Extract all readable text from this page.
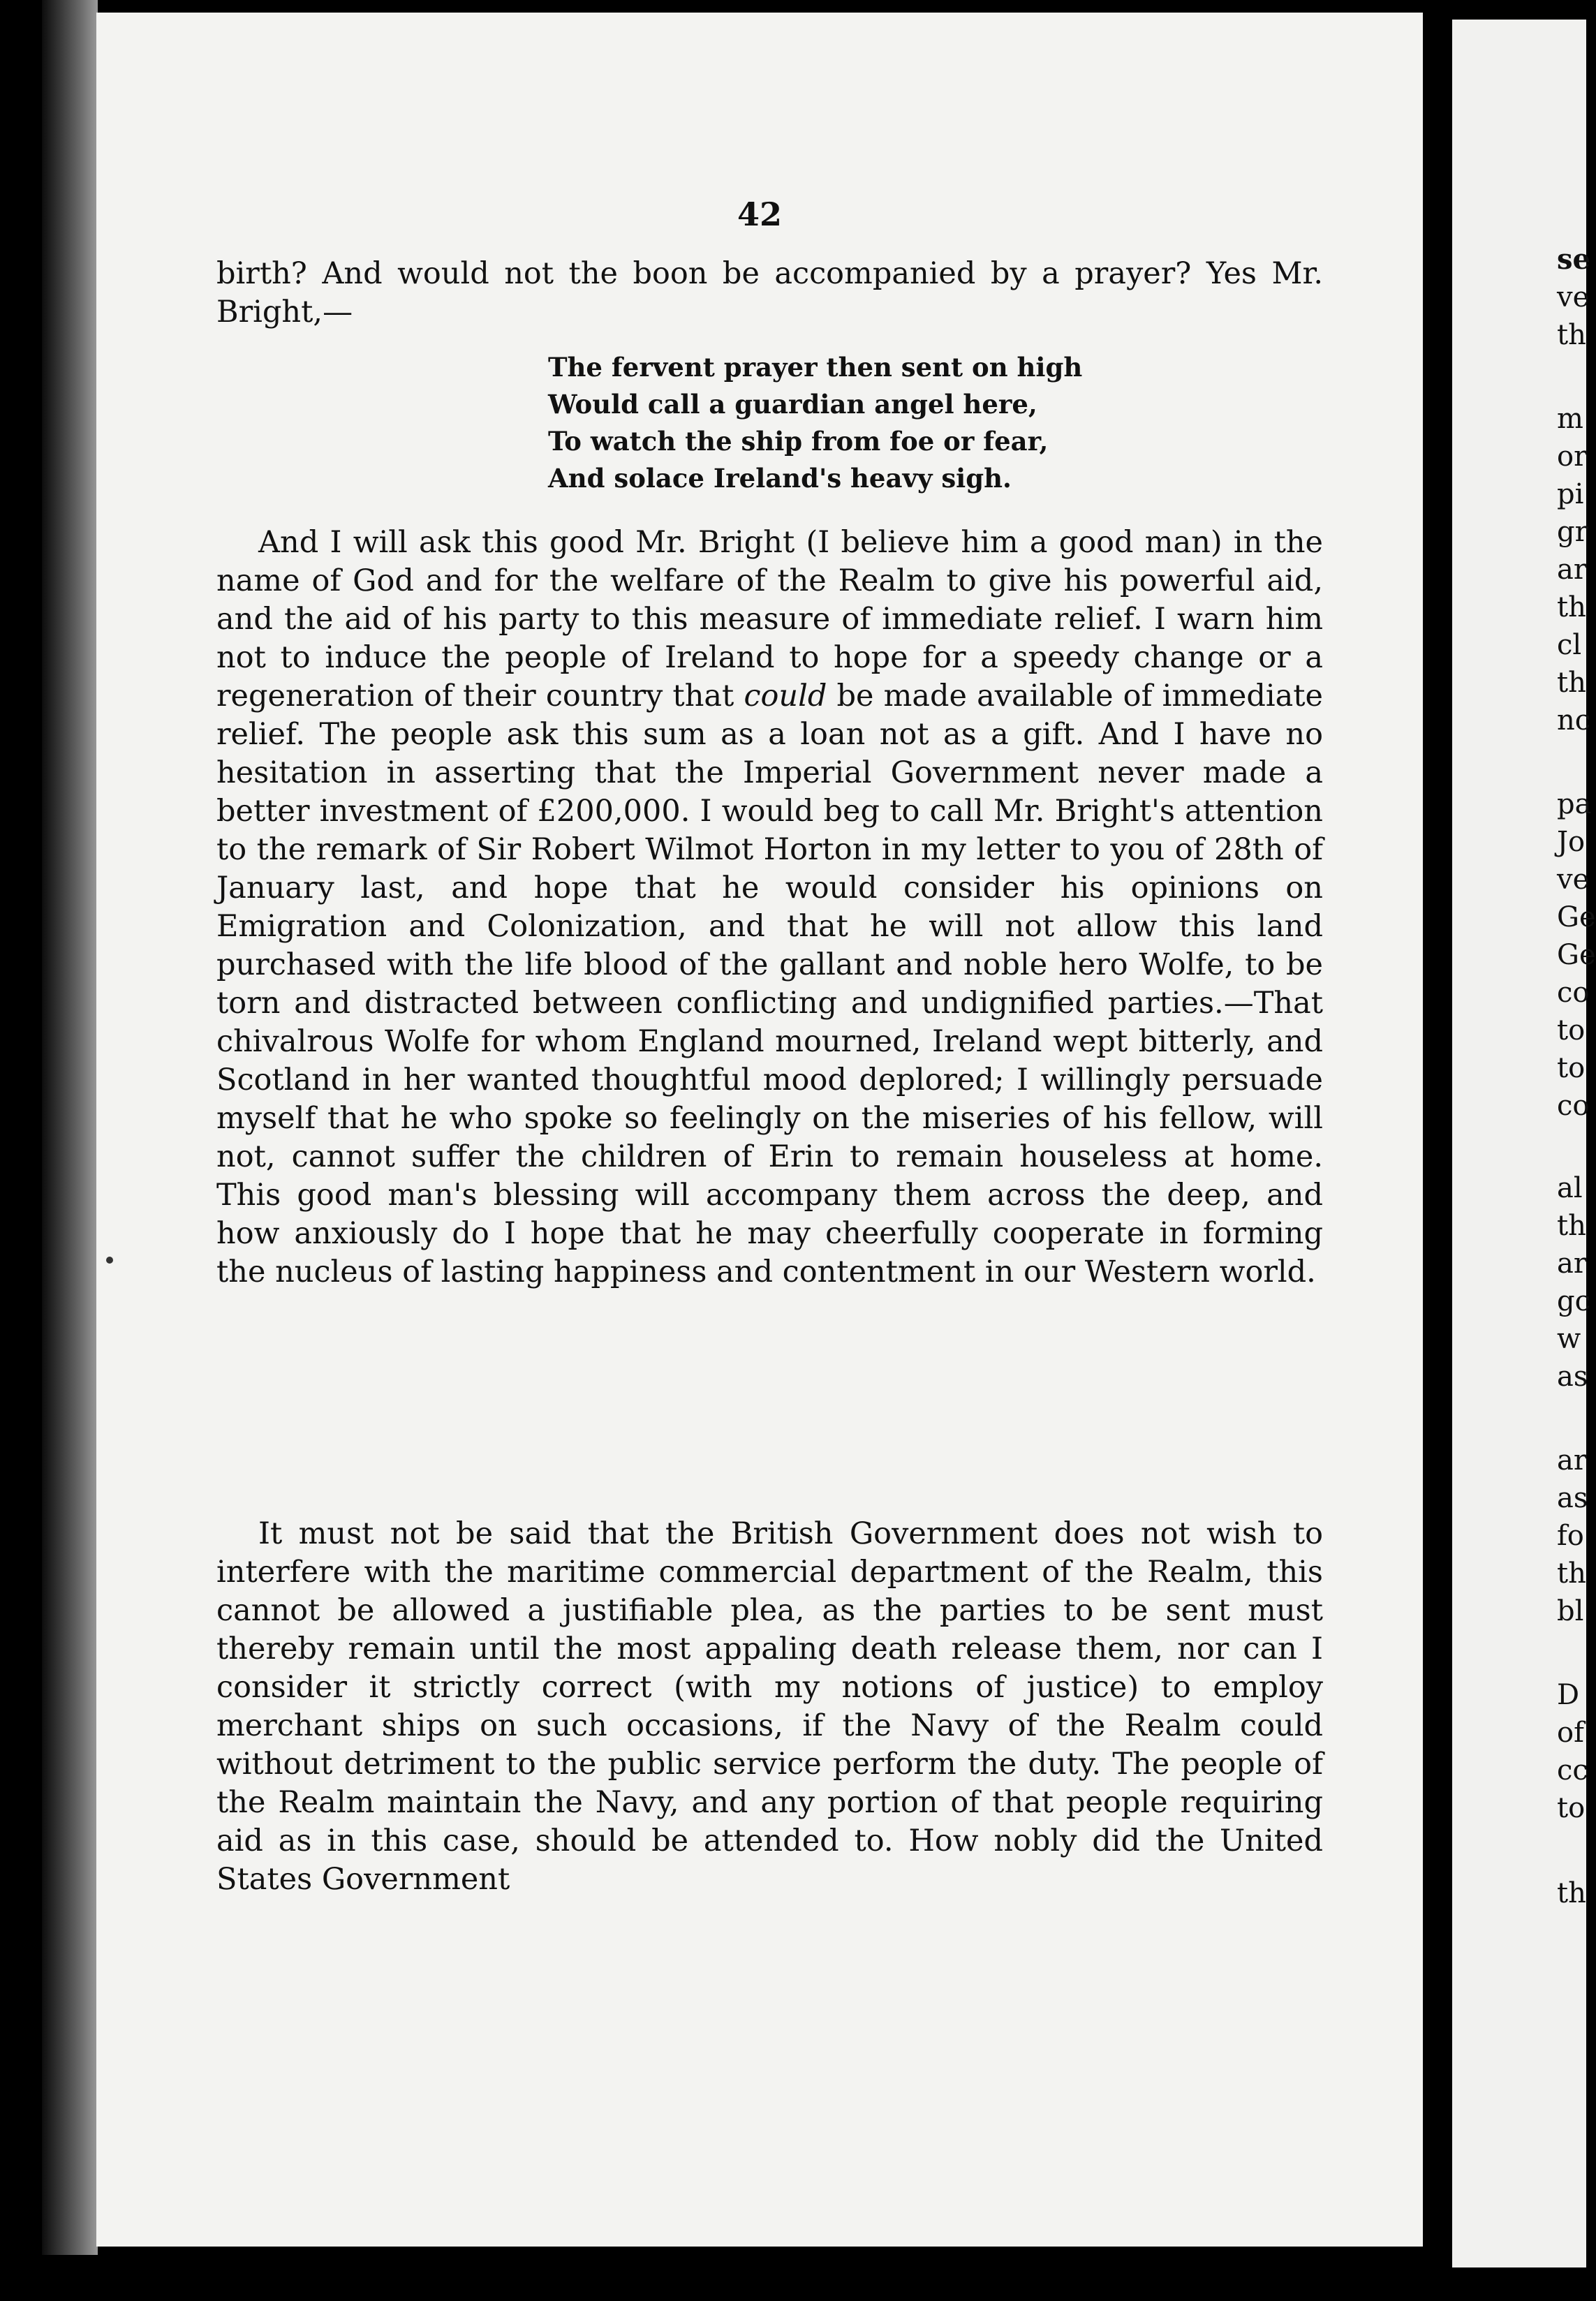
42

birth? And would not the boon be accompanied by a prayer? Yes Mr. Bright,—

The fervent prayer then sent on high
Would call a guardian angel here,
To watch the ship from foe or fear,
And solace Ireland's heavy sigh.

And I will ask this good Mr. Bright (I believe him a good man) in the name of God and for the welfare of the Realm to give his powerful aid, and the aid of his party to this measure of immediate relief. I warn him not to induce the people of Ireland to hope for a speedy change or a regeneration of their country that could be made available of immediate relief. The people ask this sum as a loan not as a gift. And I have no hesitation in asserting that the Imperial Government never made a better investment of £200,000. I would beg to call Mr. Bright's attention to the remark of Sir Robert Wilmot Horton in my letter to you of 28th of January last, and hope that he would consider his opinions on Emigration and Colonization, and that he will not allow this land purchased with the life blood of the gallant and noble hero Wolfe, to be torn and distracted between conflicting and undignified parties.—That chivalrous Wolfe for whom England mourned, Ireland wept bitterly, and Scotland in her wanted thoughtful mood deplored; I willingly persuade myself that he who spoke so feelingly on the miseries of his fellow, will not, cannot suffer the children of Erin to remain houseless at home. This good man's blessing will accompany them across the deep, and how anxiously do I hope that he may cheerfully cooperate in forming the nucleus of lasting happiness and contentment in our Western world.

It must not be said that the British Government does not wish to interfere with the maritime commercial department of the Realm, this cannot be allowed a justifiable plea, as the parties to be sent must thereby remain until the most appaling death release them, nor can I consider it strictly correct (with my notions of justice) to employ merchant ships on such occasions, if the Navy of the Realm could without detriment to the public service perform the duty. The people of the Realm maintain the Navy, and any portion of that people requiring aid as in this case, should be attended to. How nobly did the United States Government

se
ve
th
m
or
pi
gr
ar
th
cl
th
nc
pa
Jo
ve
Ge
Ge
co
to
to
co
al
th
ar
gc
w
as
ar
as
fo
th
bl
D
of
cc
to
th
